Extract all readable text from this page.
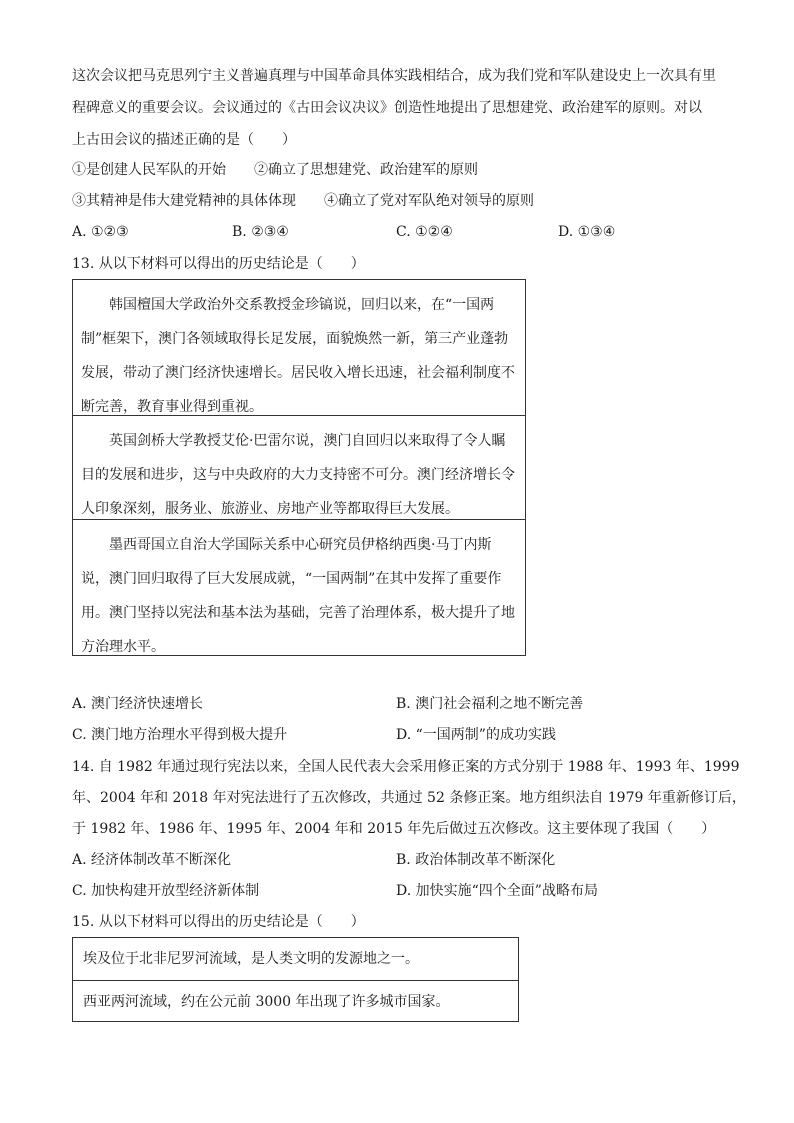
这次会议把马克思列宁主义普遍真理与中国革命具体实践相结合，成为我们党和军队建设史上一次具有里
程碑意义的重要会议。会议通过的《古田会议决议》创造性地提出了思想建党、政治建军的原则。对以
上古田会议的描述正确的是（　　）
①是创建人民军队的开始　　②确立了思想建党、政治建军的原则
③其精神是伟大建党精神的具体体现　　④确立了党对军队绝对领导的原则
A. ①②③	B. ②③④	C. ①②④	D. ①③④
13. 从以下材料可以得出的历史结论是（　　）

韩国檀国大学政治外交系教授金珍镐说，回归以来，在“一国两

制”框架下，澳门各领域取得长足发展，面貌焕然一新，第三产业蓬勃

发展，带动了澳门经济快速增长。居民收入增长迅速，社会福利制度不

断完善，教育事业得到重视。

英国剑桥大学教授艾伦·巴雷尔说，澳门自回归以来取得了令人瞩

目的发展和进步，这与中央政府的大力支持密不可分。澳门经济增长令

人印象深刻，服务业、旅游业、房地产业等都取得巨大发展。

墨西哥国立自治大学国际关系中心研究员伊格纳西奥·马丁内斯

说，澳门回归取得了巨大发展成就，“一国两制”在其中发挥了重要作

用。澳门坚持以宪法和基本法为基础，完善了治理体系，极大提升了地

方治理水平。

A. 澳门经济快速增长	B. 澳门社会福利之地不断完善
C. 澳门地方治理水平得到极大提升	D. “一国两制”的成功实践
14. 自 1982 年通过现行宪法以来，全国人民代表大会采用修正案的方式分别于 1988 年、1993 年、1999
年、2004 年和 2018 年对宪法进行了五次修改，共通过 52 条修正案。地方组织法自 1979 年重新修订后，
于 1982 年、1986 年、1995 年、2004 年和 2015 年先后做过五次修改。这主要体现了我国（　　）
A. 经济体制改革不断深化	B. 政治体制改革不断深化
C. 加快构建开放型经济新体制	D. 加快实施“四个全面”战略布局
15. 从以下材料可以得出的历史结论是（　　）

埃及位于北非尼罗河流域，是人类文明的发源地之一。

西亚两河流域，约在公元前 3000 年出现了许多城市国家。
